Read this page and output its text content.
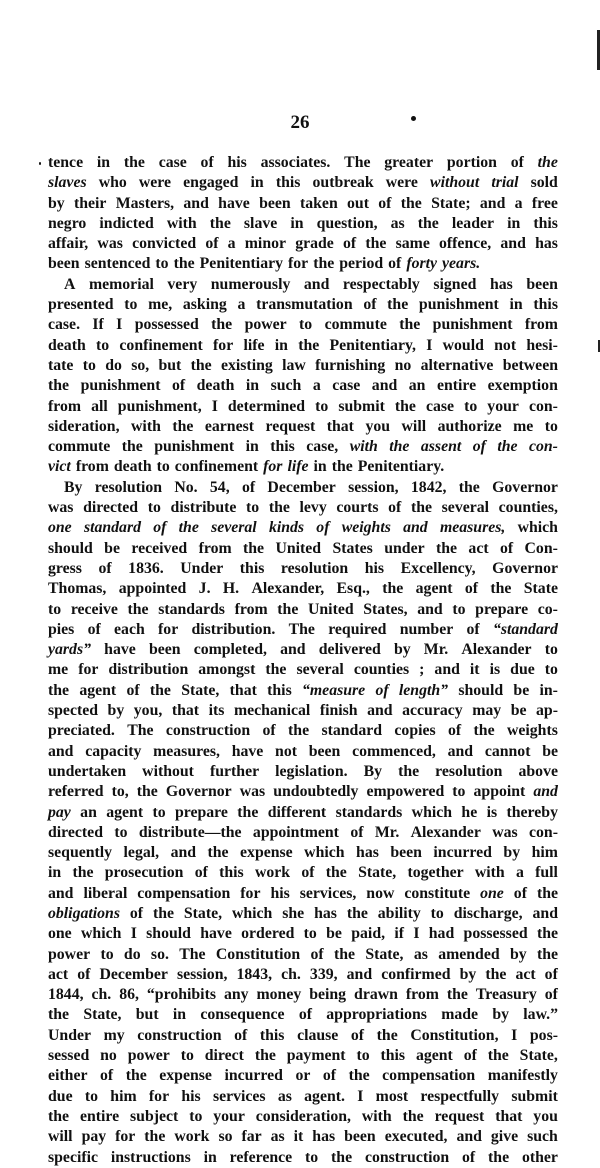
26
tence in the case of his associates. The greater portion of the
slaves who were engaged in this outbreak were without trial sold
by their Masters, and have been taken out of the State; and a free
negro indicted with the slave in question, as the leader in this
affair, was convicted of a minor grade of the same offence, and has
been sentenced to the Penitentiary for the period of forty years.
A memorial very numerously and respectably signed has been
presented to me, asking a transmutation of the punishment in this
case. If I possessed the power to commute the punishment from
death to confinement for life in the Penitentiary, I would not hesi-
tate to do so, but the existing law furnishing no alternative between
the punishment of death in such a case and an entire exemption
from all punishment, I determined to submit the case to your con-
sideration, with the earnest request that you will authorize me to
commute the punishment in this case, with the assent of the con-
vict from death to confinement for life in the Penitentiary.
By resolution No. 54, of December session, 1842, the Governor
was directed to distribute to the levy courts of the several counties,
one standard of the several kinds of weights and measures, which
should be received from the United States under the act of Con-
gress of 1836. Under this resolution his Excellency, Governor
Thomas, appointed J. H. Alexander, Esq., the agent of the State
to receive the standards from the United States, and to prepare co-
pies of each for distribution. The required number of “standard
yards” have been completed, and delivered by Mr. Alexander to
me for distribution amongst the several counties ; and it is due to
the agent of the State, that this “measure of length” should be in-
spected by you, that its mechanical finish and accuracy may be ap-
preciated. The construction of the standard copies of the weights
and capacity measures, have not been commenced, and cannot be
undertaken without further legislation. By the resolution above
referred to, the Governor was undoubtedly empowered to appoint and
pay an agent to prepare the different standards which he is thereby
directed to distribute—the appointment of Mr. Alexander was con-
sequently legal, and the expense which has been incurred by him
in the prosecution of this work of the State, together with a full
and liberal compensation for his services, now constitute one of the
obligations of the State, which she has the ability to discharge, and
one which I should have ordered to be paid, if I had possessed the
power to do so. The Constitution of the State, as amended by the
act of December session, 1843, ch. 339, and confirmed by the act of
1844, ch. 86, “prohibits any money being drawn from the Treasury of
the State, but in consequence of appropriations made by law.”
Under my construction of this clause of the Constitution, I pos-
sessed no power to direct the payment to this agent of the State,
either of the expense incurred or of the compensation manifestly
due to him for his services as agent. I most respectfully submit
the entire subject to your consideration, with the request that you
will pay for the work so far as it has been executed, and give such
specific instructions in reference to the construction of the other
